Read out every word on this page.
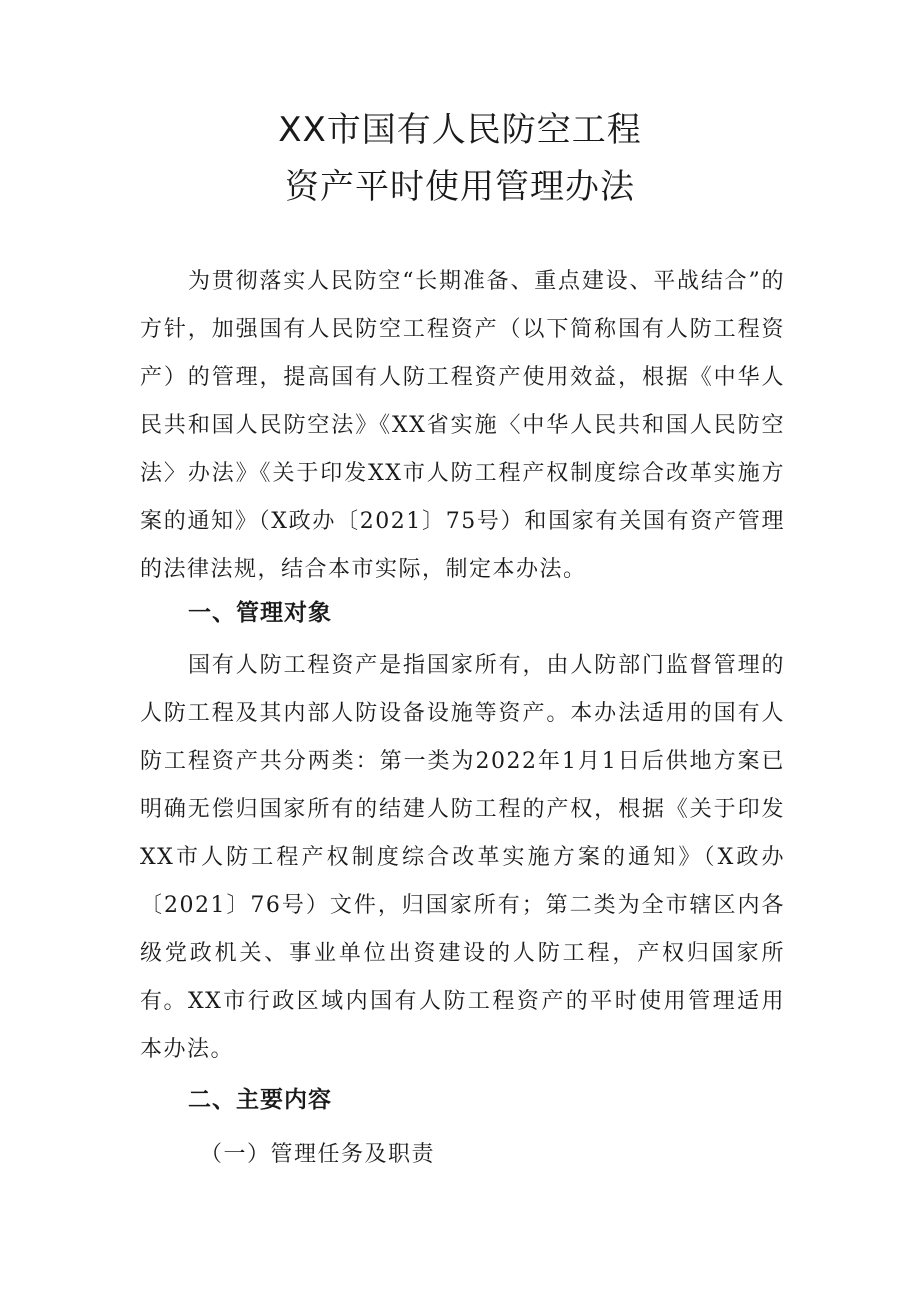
XX市国有人民防空工程
资产平时使用管理办法

为贯彻落实人民防空“长期准备、重点建设、平战结合”的方针，加强国有人民防空工程资产（以下简称国有人防工程资产）的管理，提高国有人防工程资产使用效益，根据《中华人民共和国人民防空法》《XX省实施〈中华人民共和国人民防空法〉办法》《关于印发XX市人防工程产权制度综合改革实施方案的通知》（X政办〔2021〕75号）和国家有关国有资产管理的法律法规，结合本市实际，制定本办法。

一、管理对象

国有人防工程资产是指国家所有，由人防部门监督管理的人防工程及其内部人防设备设施等资产。本办法适用的国有人防工程资产共分两类：第一类为2022年1月1日后供地方案已明确无偿归国家所有的结建人防工程的产权，根据《关于印发XX市人防工程产权制度综合改革实施方案的通知》（X政办〔2021〕76号）文件，归国家所有；第二类为全市辖区内各级党政机关、事业单位出资建设的人防工程，产权归国家所有。 XX市行政区域内国有人防工程资产的平时使用管理适用本办法。

二、主要内容

（一）管理任务及职责
